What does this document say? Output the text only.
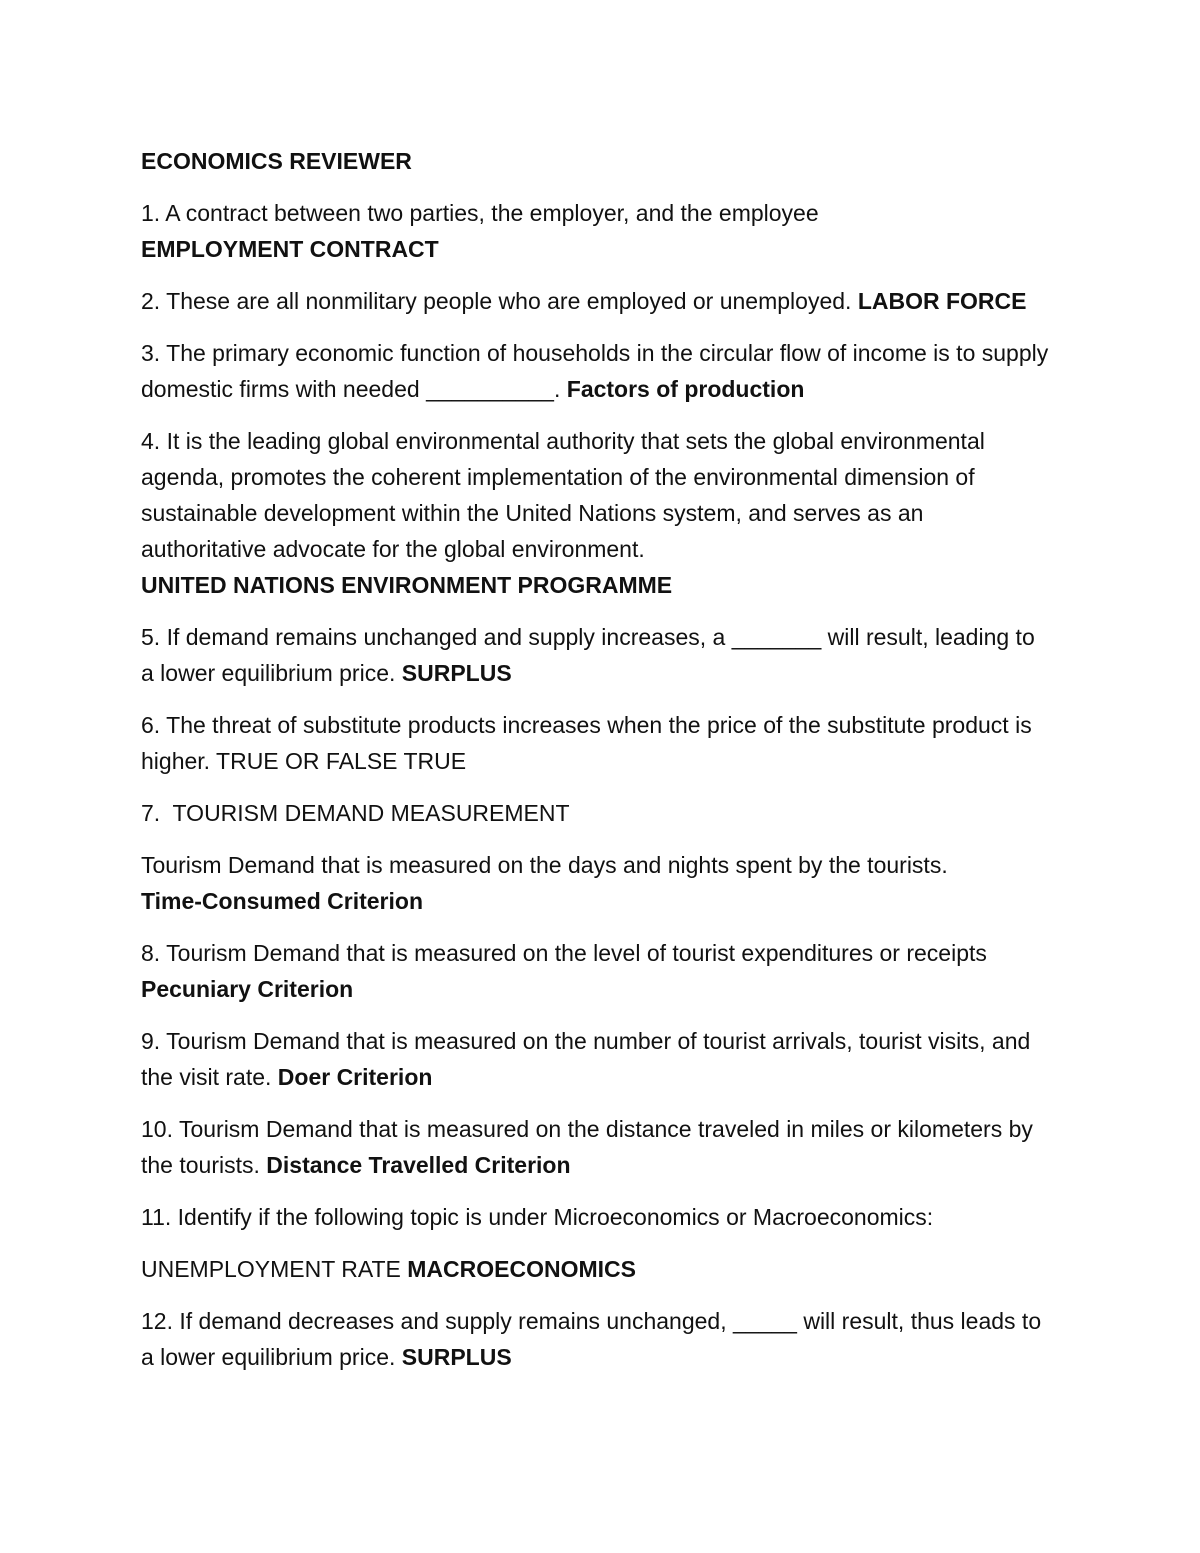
ECONOMICS REVIEWER

1. A contract between two parties, the employer, and the employee
EMPLOYMENT CONTRACT

2. These are all nonmilitary people who are employed or unemployed. LABOR FORCE

3. The primary economic function of households in the circular flow of income is to supply domestic firms with needed __________. Factors of production

4. It is the leading global environmental authority that sets the global environmental agenda, promotes the coherent implementation of the environmental dimension of sustainable development within the United Nations system, and serves as an authoritative advocate for the global environment.
UNITED NATIONS ENVIRONMENT PROGRAMME

5. If demand remains unchanged and supply increases, a _______ will result, leading to a lower equilibrium price. SURPLUS

6. The threat of substitute products increases when the price of the substitute product is higher. TRUE OR FALSE TRUE

7.  TOURISM DEMAND MEASUREMENT

Tourism Demand that is measured on the days and nights spent by the tourists.
Time-Consumed Criterion

8. Tourism Demand that is measured on the level of tourist expenditures or receipts Pecuniary Criterion

9. Tourism Demand that is measured on the number of tourist arrivals, tourist visits, and the visit rate. Doer Criterion

10. Tourism Demand that is measured on the distance traveled in miles or kilometers by the tourists. Distance Travelled Criterion

11. Identify if the following topic is under Microeconomics or Macroeconomics:

UNEMPLOYMENT RATE MACROECONOMICS

12. If demand decreases and supply remains unchanged, _____ will result, thus leads to a lower equilibrium price. SURPLUS
